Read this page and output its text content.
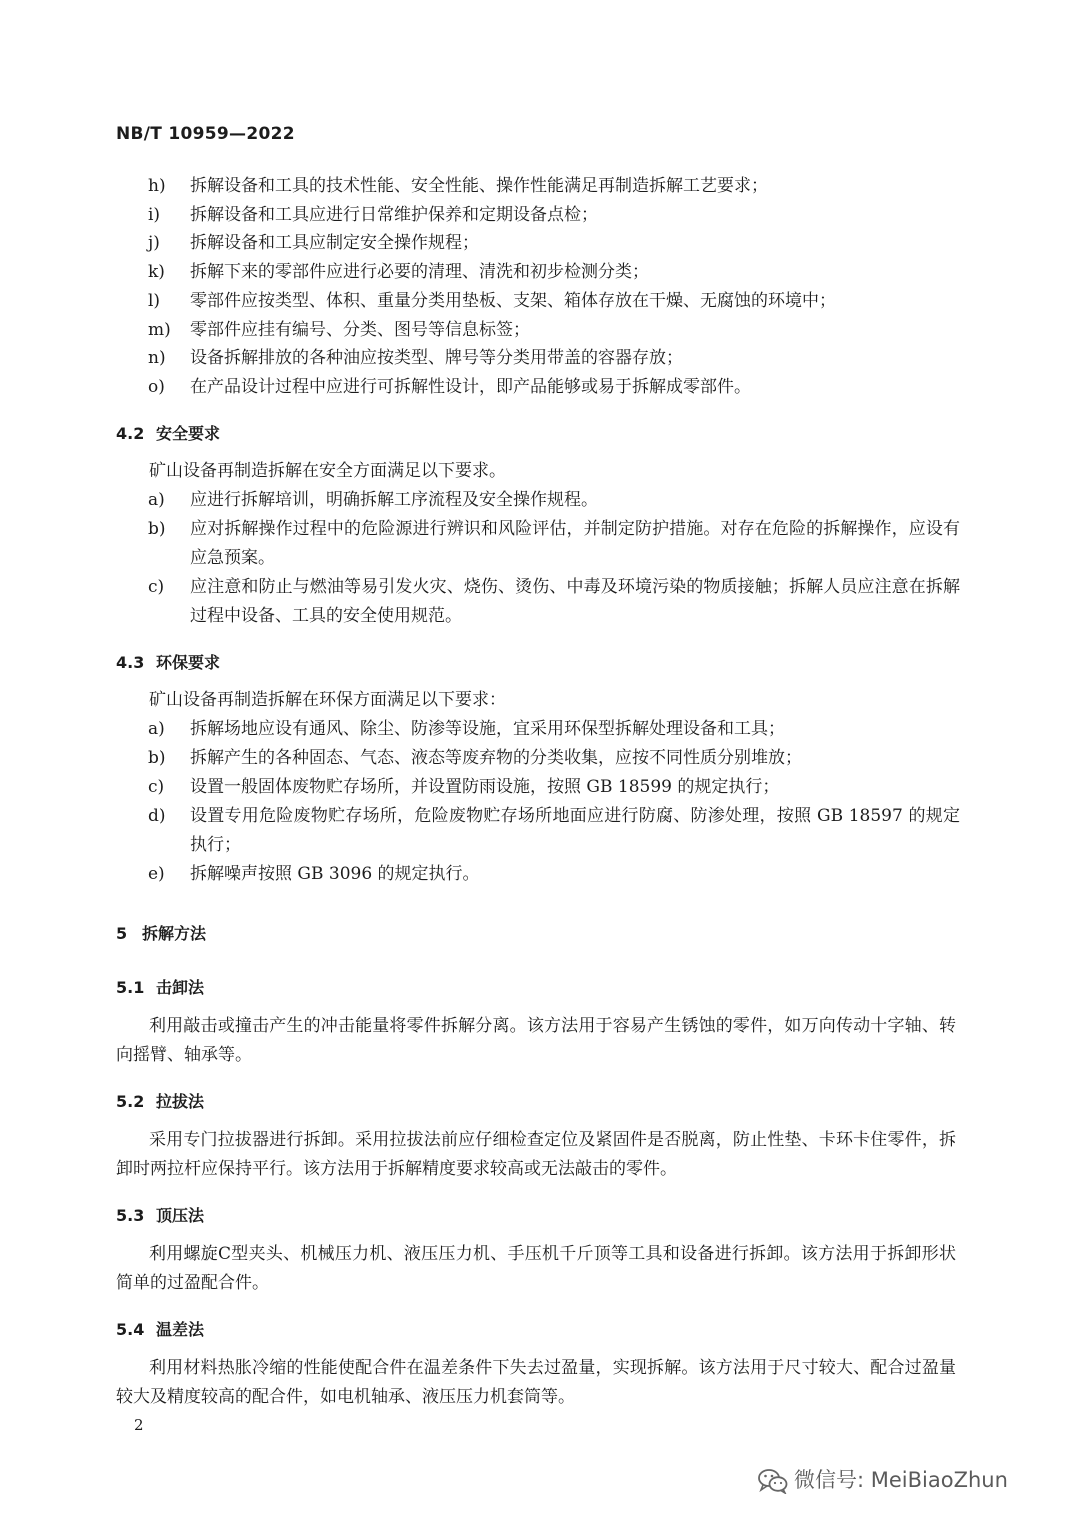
NB/T 10959—2022
h) 拆解设备和工具的技术性能、安全性能、操作性能满足再制造拆解工艺要求；
i) 拆解设备和工具应进行日常维护保养和定期设备点检；
j) 拆解设备和工具应制定安全操作规程；
k) 拆解下来的零部件应进行必要的清理、清洗和初步检测分类；
l) 零部件应按类型、体积、重量分类用垫板、支架、箱体存放在干燥、无腐蚀的环境中；
m) 零部件应挂有编号、分类、图号等信息标签；
n) 设备拆解排放的各种油应按类型、牌号等分类用带盖的容器存放；
o) 在产品设计过程中应进行可拆解性设计，即产品能够或易于拆解成零部件。
4.2 安全要求
矿山设备再制造拆解在安全方面满足以下要求。
a) 应进行拆解培训，明确拆解工序流程及安全操作规程。
b) 应对拆解操作过程中的危险源进行辨识和风险评估，并制定防护措施。对存在危险的拆解操作，应设有应急预案。
c) 应注意和防止与燃油等易引发火灾、烧伤、烫伤、中毒及环境污染的物质接触；拆解人员应注意在拆解过程中设备、工具的安全使用规范。
4.3 环保要求
矿山设备再制造拆解在环保方面满足以下要求：
a) 拆解场地应设有通风、除尘、防渗等设施，宜采用环保型拆解处理设备和工具；
b) 拆解产生的各种固态、气态、液态等废弃物的分类收集，应按不同性质分别堆放；
c) 设置一般固体废物贮存场所，并设置防雨设施，按照 GB 18599 的规定执行；
d) 设置专用危险废物贮存场所，危险废物贮存场所地面应进行防腐、防渗处理，按照 GB 18597 的规定执行；
e) 拆解噪声按照 GB 3096 的规定执行。
5 拆解方法
5.1 击卸法
利用敲击或撞击产生的冲击能量将零件拆解分离。该方法用于容易产生锈蚀的零件，如万向传动十字轴、转向摇臂、轴承等。
5.2 拉拔法
采用专门拉拔器进行拆卸。采用拉拔法前应仔细检查定位及紧固件是否脱离，防止性垫、卡环卡住零件，拆卸时两拉杆应保持平行。该方法用于拆解精度要求较高或无法敲击的零件。
5.3 顶压法
利用螺旋C型夹头、机械压力机、液压压力机、手压机千斤顶等工具和设备进行拆卸。该方法用于拆卸形状简单的过盈配合件。
5.4 温差法
利用材料热胀冷缩的性能使配合件在温差条件下失去过盈量，实现拆解。该方法用于尺寸较大、配合过盈量较大及精度较高的配合件，如电机轴承、液压压力机套筒等。
2
微信号: MeiBiaoZhun
